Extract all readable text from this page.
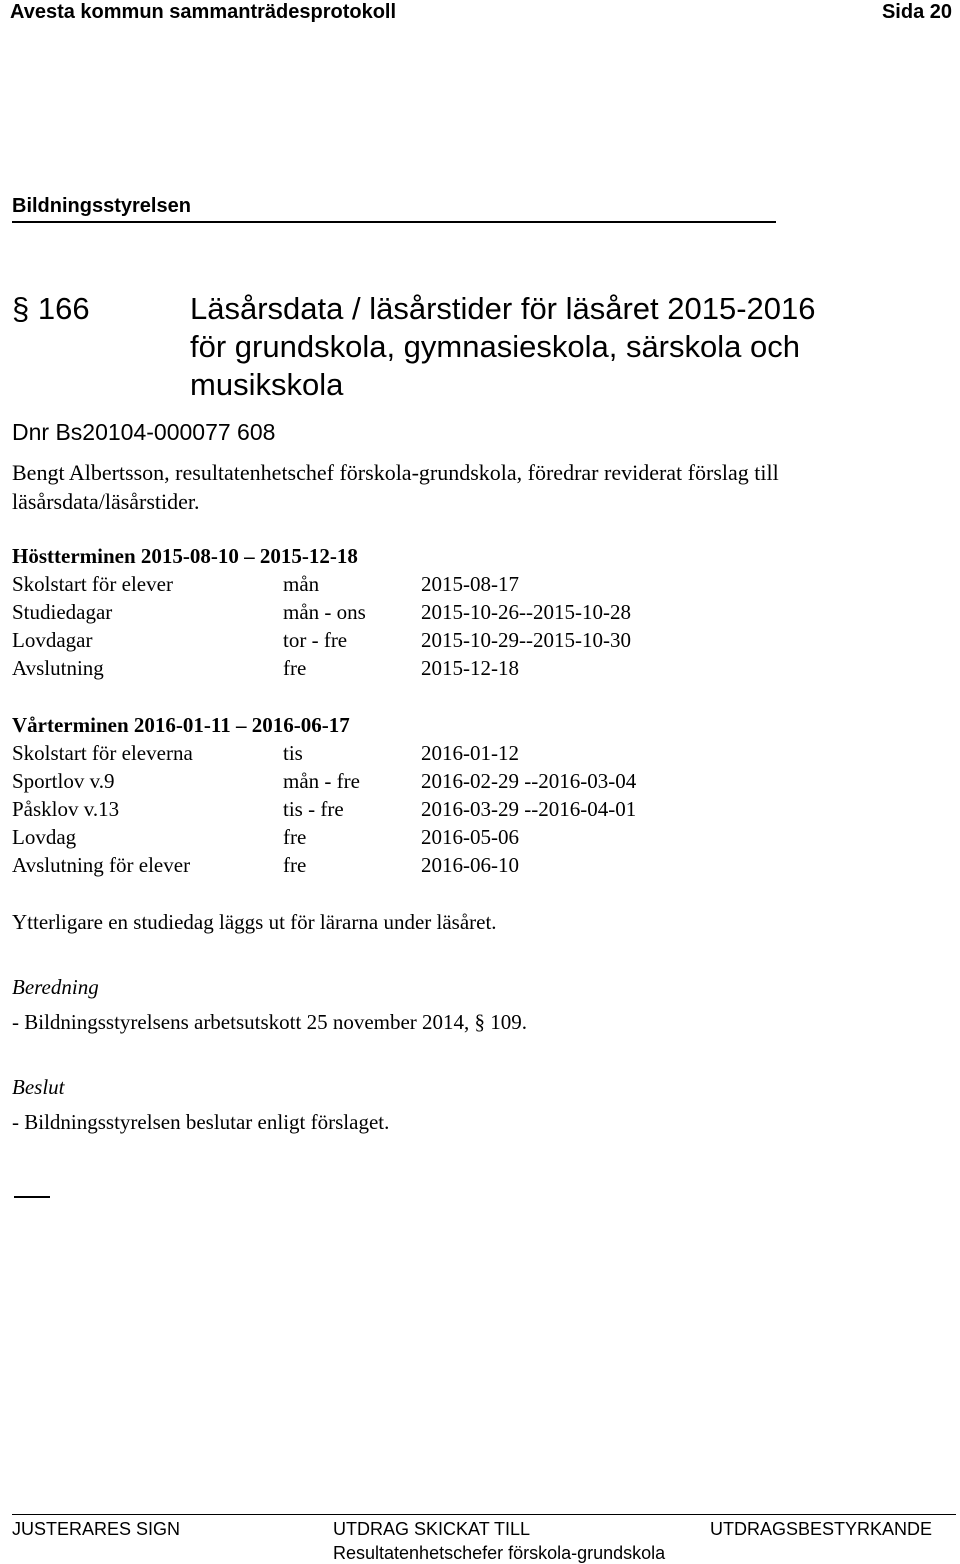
Avesta kommun sammanträdesprotokoll	Sida 20
Bildningsstyrelsen
§ 166	Läsårsdata / läsårstider för läsåret 2015-2016
för grundskola, gymnasieskola, särskola och
musikskola
Dnr Bs20104-000077 608
Bengt Albertsson, resultatenhetschef förskola-grundskola, föredrar reviderat förslag till
läsårsdata/läsårstider.
Höstterminen 2015-08-10 – 2015-12-18
Skolstart för elever	mån	2015-08-17
Studiedagar	mån - ons	2015-10-26--2015-10-28
Lovdagar	tor - fre	2015-10-29--2015-10-30
Avslutning	fre	2015-12-18
Vårterminen 2016-01-11 – 2016-06-17
Skolstart för eleverna	tis	2016-01-12
Sportlov v.9	mån - fre	2016-02-29 --2016-03-04
Påsklov v.13	tis - fre	2016-03-29 --2016-04-01
Lovdag	fre	2016-05-06
Avslutning för elever	fre	2016-06-10
Ytterligare en studiedag läggs ut för lärarna under läsåret.
Beredning
- Bildningsstyrelsens arbetsutskott 25 november 2014, § 109.
Beslut
- Bildningsstyrelsen beslutar enligt förslaget.
JUSTERARES SIGN	UTDRAG SKICKAT TILL	UTDRAGSBESTYRKANDE
Resultatenhetschefer förskola-grundskola
